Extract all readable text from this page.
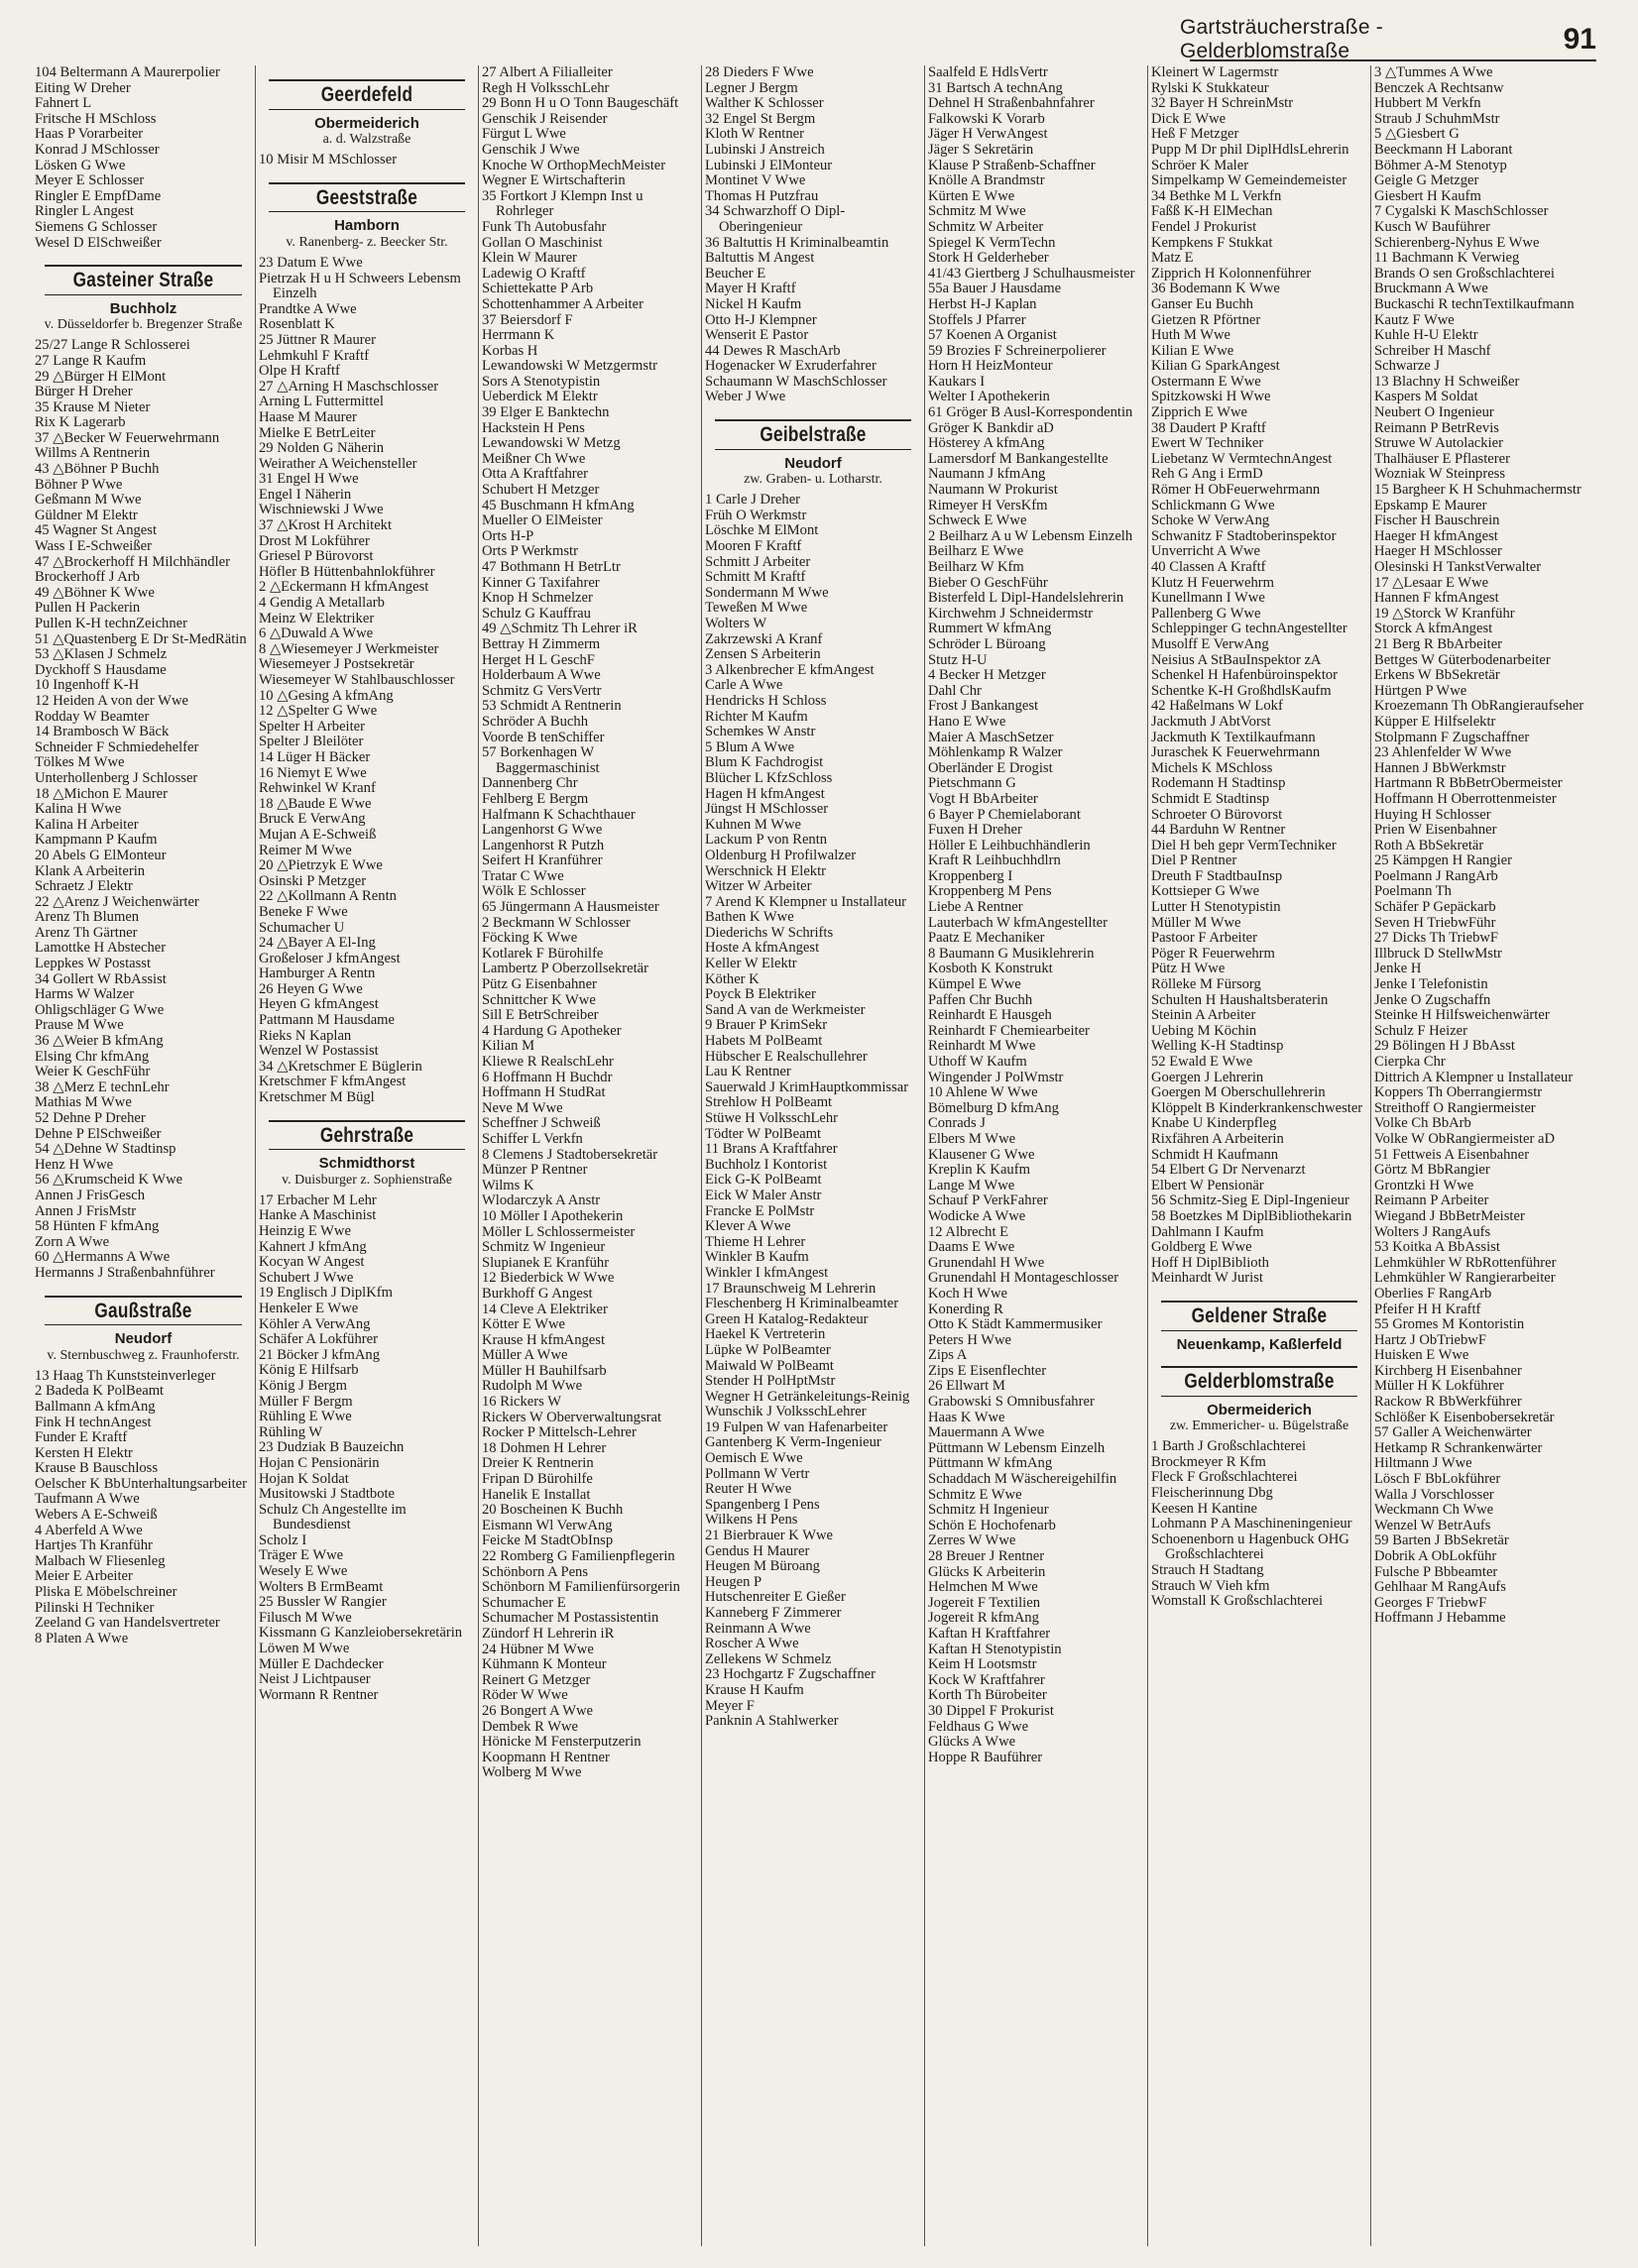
Gartsträucherstraße - Gelderblomstraße	91
104 Beltermann A Maurerpolier
Eiting W Dreher
Fahnert L
Fritsche H MSchloss
Haas P Vorarbeiter
Konrad J MSchlosser
Lösken G Wwe
Meyer E Schlosser
Ringler E EmpfDame
Ringler L Angest
Siemens G Schlosser
Wesel D ElSchweißer
Gasteiner Straße
Buchholz
v. Düsseldorfer b. Bregenzer Straße
25/27 Lange R Schlosserei
27 Lange R Kaufm
29 △Bürger H ElMont
Bürger H Dreher
35 Krause M Nieter
Rix K Lagerarb
37 △Becker W Feuerwehrmann
Willms A Rentnerin
43 △Böhner P Buchh
Böhner P Wwe
Geßmann M Wwe
Güldner M Elektr
45 Wagner St Angest
Wass I E-Schweißer
47 △Brockerhoff H Milchhändler
Brockerhoff J Arb
49 △Böhner K Wwe
Pullen H Packerin
Pullen K-H technZeichner
51 △Quastenberg E Dr St-MedRätin
53 △Klasen J Schmelz
Dyckhoff S Hausdame
10 Ingenhoff K-H
12 Heiden A von der Wwe
Rodday W Beamter
14 Brambosch W Bäck
Schneider F Schmiedehelfer
Tölkes M Wwe
Unterhollenberg J Schlosser
18 △Michon E Maurer
Kalina H Wwe
Kalina H Arbeiter
Kampmann P Kaufm
20 Abels G ElMonteur
Klank A Arbeiterin
Schraetz J Elektr
22 △Arenz J Weichenwärter
Arenz Th Blumen
Arenz Th Gärtner
Lamottke H Abstecher
Leppkes W Postasst
34 Gollert W RbAssist
Harms W Walzer
Ohligschläger G Wwe
Prause M Wwe
36 △Weier B kfmAng
Elsing Chr kfmAng
Weier K GeschFühr
38 △Merz E technLehr
Mathias M Wwe
52 Dehne P Dreher
Dehne P ElSchweißer
54 △Dehne W Stadtinsp
Henz H Wwe
56 △Krumscheid K Wwe
Annen J FrisGesch
Annen J FrisMstr
58 Hünten F kfmAng
Zorn A Wwe
60 △Hermanns A Wwe
Hermanns J Straßenbahnführer
Gaußstraße
Neudorf
v. Sternbuschweg z. Fraunhoferstr.
13 Haag Th Kunststeinverleger
2 Badeda K PolBeamt
Ballmann A kfmAng
Fink H technAngest
Funder E Kraftf
Kersten H Elektr
Krause B Bauschloss
Oelscher K BbUnterhaltungsarbeiter
Taufmann A Wwe
Webers A E-Schweiß
4 Aberfeld A Wwe
Hartjes Th Kranführ
Malbach W Fliesenleg
Meier E Arbeiter
Pliska E Möbelschreiner
Pilinski H Techniker
Zeeland G van Handelsvertreter
8 Platen A Wwe
Geerdefeld
Obermeiderich
a. d. Walzstraße
10 Misir M MSchlosser
Geeststraße
Hamborn
v. Ranenberg- z. Beecker Str.
23 Datum E Wwe
Pietrzak H u H Schweers Lebensm Einzelh
Prandtke A Wwe
Rosenblatt K
25 Jüttner R Maurer
Lehmkuhl F Kraftf
Olpe H Kraftf
27 △Arning H Maschschlosser
Arning L Futtermittel
Haase M Maurer
Mielke E BetrLeiter
29 Nolden G Näherin
Weirather A Weichensteller
31 Engel H Wwe
Engel I Näherin
Wischniewski J Wwe
37 △Krost H Architekt
Drost M Lokführer
Griesel P Bürovorst
Höfler B Hüttenbahnlokführer
2 △Eckermann H kfmAngest
4 Gendig A Metallarb
Meinz W Elektriker
6 △Duwald A Wwe
8 △Wiesemeyer J Werkmeister
Wiesemeyer J Postsekretär
Wiesemeyer W Stahlbauschlosser
10 △Gesing A kfmAng
12 △Spelter G Wwe
Spelter H Arbeiter
Spelter J Bleilöter
14 Lüger H Bäcker
16 Niemyt E Wwe
Rehwinkel W Kranf
18 △Baude E Wwe
Bruck E VerwAng
Mujan A E-Schweiß
Reimer M Wwe
20 △Pietrzyk E Wwe
Osinski P Metzger
22 △Kollmann A Rentn
Beneke F Wwe
Schumacher U
24 △Bayer A El-Ing
Großeloser J kfmAngest
Hamburger A Rentn
26 Heyen G Wwe
Heyen G kfmAngest
Pattmann M Hausdame
Rieks N Kaplan
Wenzel W Postassist
34 △Kretschmer E Büglerin
Kretschmer F kfmAngest
Kretschmer M Bügl
Gehrstraße
Schmidthorst
v. Duisburger z. Sophienstraße
17 Erbacher M Lehr
Hanke A Maschinist
Heinzig E Wwe
Kahnert J kfmAng
Kocyan W Angest
Schubert J Wwe
19 Englisch J DiplKfm
Henkeler E Wwe
Köhler A VerwAng
Schäfer A Lokführer
21 Böcker J kfmAng
König E Hilfsarb
König J Bergm
Müller F Bergm
Rühling E Wwe
Rühling W
23 Dudziak B Bauzeichn
Hojan C Pensionärin
Hojan K Soldat
Musitowski J Stadtbote
Schulz Ch Angestellte im Bundesdienst
Scholz I
Träger E Wwe
Wesely E Wwe
Wolters B ErmBeamt
25 Bussler W Rangier
Filusch M Wwe
Kissmann G Kanzleiobersekretärin
Löwen M Wwe
Müller E Dachdecker
Neist J Lichtpauser
Wormann R Rentner
27 Albert A Filialleiter
Regh H VolksschLehr
29 Bonn H u O Tonn Baugeschäft
Genschik J Reisender
Fürgut L Wwe
Genschik J Wwe
Knoche W OrthopMechMeister
Wegner E Wirtschafterin
35 Fortkort J Klempn Inst u Rohrleger
Funk Th Autobusfahr
Gollan O Maschinist
Klein W Maurer
Ladewig O Kraftf
Schiettekatte P Arb
Schottenhammer A Arbeiter
37 Beiersdorf F
Herrmann K
Korbas H
Lewandowski W Metzgermstr
Sors A Stenotypistin
Ueberdick M Elektr
39 Elger E Banktechn
Hackstein H Pens
Lewandowski W Metzg
Meißner Ch Wwe
Otta A Kraftfahrer
Schubert H Metzger
45 Buschmann H kfmAng
Mueller O ElMeister
Orts H-P
Orts P Werkmstr
47 Bothmann H BetrLtr
Kinner G Taxifahrer
Knop H Schmelzer
Schulz G Kauffrau
49 △Schmitz Th Lehrer iR
Bettray H Zimmerm
Herget H L GeschF
Holderbaum A Wwe
Schmitz G VersVertr
53 Schmidt A Rentnerin
Schröder A Buchh
Voorde B tenSchiffer
57 Borkenhagen W Baggermaschinist
Dannenberg Chr
Fehlberg E Bergm
Halfmann K Schachthauer
Langenhorst G Wwe
Langenhorst R Putzh
Seifert H Kranführer
Tratar C Wwe
Wölk E Schlosser
65 Jüngermann A Hausmeister
2 Beckmann W Schlosser
Föcking K Wwe
Kotlarek F Bürohilfe
Lambertz P Oberzollsekretär
Pütz G Eisenbahner
Schnittcher K Wwe
Sill E BetrSchreiber
4 Hardung G Apotheker
Kilian M
Kliewe R RealschLehr
6 Hoffmann H Buchdr
Hoffmann H StudRat
Neve M Wwe
Scheffner J Schweiß
Schiffer L Verkfn
8 Clemens J Stadtobersekretär
Münzer P Rentner
Wilms K
Wlodarczyk A Anstr
10 Möller I Apothekerin
Möller L Schlossermeister
Schmitz W Ingenieur
Slupianek E Kranführ
12 Biederbick W Wwe
Burkhoff G Angest
14 Cleve A Elektriker
Kötter E Wwe
Krause H kfmAngest
Müller A Wwe
Müller H Bauhilfsarb
Rudolph M Wwe
16 Rickers W
Rickers W Oberverwaltungsrat
Rocker P Mittelsch-Lehrer
18 Dohmen H Lehrer
Dreier K Rentnerin
Fripan D Bürohilfe
Hanelik E Installat
20 Boscheinen K Buchh
Eismann Wl VerwAng
Feicke M StadtObInsp
22 Romberg G Familienpflegerin
Schönborn A Pens
Schönborn M Familienfürsorgerin
Schumacher E
Schumacher M Postassistentin
Zündorf H Lehrerin iR
24 Hübner M Wwe
Kühmann K Monteur
Reinert G Metzger
Röder W Wwe
26 Bongert A Wwe
Dembek R Wwe
Hönicke M Fensterputzerin
Koopmann H Rentner
Wolberg M Wwe
28 Dieders F Wwe
Legner J Bergm
Walther K Schlosser
32 Engel St Bergm
Kloth W Rentner
Lubinski J Anstreich
Lubinski J ElMonteur
Montinet V Wwe
Thomas H Putzfrau
34 Schwarzhoff O Dipl-Oberingenieur
36 Baltuttis H Kriminalbeamtin
Baltuttis M Angest
Beucher E
Mayer H Kraftf
Nickel H Kaufm
Otto H-J Klempner
Wenserit E Pastor
44 Dewes R MaschArb
Hogenacker W Exruderfahrer
Schaumann W MaschSchlosser
Weber J Wwe
Geibelstraße
Neudorf
zw. Graben- u. Lotharstr.
1 Carle J Dreher
Früh O Werkmstr
Löschke M ElMont
Mooren F Kraftf
Schmitt J Arbeiter
Schmitt M Kraftf
Sondermann M Wwe
Teweßen M Wwe
Wolters W
Zakrzewski A Kranf
Zensen S Arbeiterin
3 Alkenbrecher E kfmAngest
Carle A Wwe
Hendricks H Schloss
Richter M Kaufm
Schemkes W Anstr
5 Blum A Wwe
Blum K Fachdrogist
Blücher L KfzSchloss
Hagen H kfmAngest
Jüngst H MSchlosser
Kuhnen M Wwe
Lackum P von Rentn
Oldenburg H Profilwalzer
Werschnick H Elektr
Witzer W Arbeiter
7 Arend K Klempner u Installateur
Bathen K Wwe
Diederichs W Schrifts
Hoste A kfmAngest
Keller W Elektr
Köther K
Poyck B Elektriker
Sand A van de Werkmeister
9 Brauer P KrimSekr
Habets M PolBeamt
Hübscher E Realschullehrer
Lau K Rentner
Sauerwald J KrimHauptkommissar
Strehlow H PolBeamt
Stüwe H VolksschLehr
Tödter W PolBeamt
11 Brans A Kraftfahrer
Buchholz I Kontorist
Eick G-K PolBeamt
Eick W Maler Anstr
Francke E PolMstr
Klever A Wwe
Thieme H Lehrer
Winkler B Kaufm
Winkler I kfmAngest
17 Braunschweig M Lehrerin
Fleschenberg H Kriminalbeamter
Green H Katalog-Redakteur
Haekel K Vertreterin
Lüpke W PolBeamter
Maiwald W PolBeamt
Stender H PolHptMstr
Wegner H Getränkeleitungs-Reinig
Wunschik J VolksschLehrer
19 Fulpen W van Hafenarbeiter
Gantenberg K Verm-Ingenieur
Oemisch E Wwe
Pollmann W Vertr
Reuter H Wwe
Spangenberg I Pens
Wilkens H Pens
21 Bierbrauer K Wwe
Gendus H Maurer
Heugen M Büroang
Heugen P
Hutschenreiter E Gießer
Kanneberg F Zimmerer
Reinmann A Wwe
Roscher A Wwe
Zellekens W Schmelz
23 Hochgartz F Zugschaffner
Krause H Kaufm
Meyer F
Panknin A Stahlwerker
Saalfeld E HdlsVertr
31 Bartsch A technAng
Dehnel H Straßenbahnfahrer
Falkowski K Vorarb
Jäger H VerwAngest
Jäger S Sekretärin
Klause P Straßenb-Schaffner
Knölle A Brandmstr
Kürten E Wwe
Schmitz M Wwe
Schmitz W Arbeiter
Spiegel K VermTechn
Stork H Gelderheber
41/43 Giertberg J Schulhausmeister
55a Bauer J Hausdame
Herbst H-J Kaplan
Stoffels J Pfarrer
57 Koenen A Organist
59 Brozies F Schreinerpolierer
Horn H HeizMonteur
Kaukars I
Welter I Apothekerin
61 Gröger B Ausl-Korrespondentin
Gröger K Bankdir aD
Hösterey A kfmAng
Lamersdorf M Bankangestellte
Naumann J kfmAng
Naumann W Prokurist
Rimeyer H VersKfm
Schweck E Wwe
2 Beilharz A u W Lebensm Einzelh
Beilharz E Wwe
Beilharz W Kfm
Bieber O GeschFühr
Bisterfeld L Dipl-Handelslehrerin
Kirchwehm J Schneidermstr
Rummert W kfmAng
Schröder L Büroang
Stutz H-U
4 Becker H Metzger
Dahl Chr
Frost J Bankangest
Hano E Wwe
Maier A MaschSetzer
Möhlenkamp R Walzer
Oberländer E Drogist
Pietschmann G
Vogt H BbArbeiter
6 Bayer P Chemielaborant
Fuxen H Dreher
Höller E Leihbuchhändlerin
Kraft R Leihbuchhdlrn
Kroppenberg I
Kroppenberg M Pens
Liebe A Rentner
Lauterbach W kfmAngestellter
Paatz E Mechaniker
8 Baumann G Musiklehrerin
Kosboth K Konstrukt
Kümpel E Wwe
Paffen Chr Buchh
Reinhardt E Hausgeh
Reinhardt F Chemiearbeiter
Reinhardt M Wwe
Uthoff W Kaufm
Wingender J PolWmstr
10 Ahlene W Wwe
Bömelburg D kfmAng
Conrads J
Elbers M Wwe
Klausener G Wwe
Kreplin K Kaufm
Lange M Wwe
Schauf P VerkFahrer
Wodicke A Wwe
12 Albrecht E
Daams E Wwe
Grunendahl H Wwe
Grunendahl H Montageschlosser
Koch H Wwe
Konerding R
Otto K Städt Kammermusiker
Peters H Wwe
Zips A
Zips E Eisenflechter
26 Ellwart M
Grabowski S Omnibusfahrer
Haas K Wwe
Mauermann A Wwe
Püttmann W Lebensm Einzelh
Püttmann W kfmAng
Schaddach M Wäschereigehilfin
Schmitz E Wwe
Schmitz H Ingenieur
Schön E Hochofenarb
Zerres W Wwe
28 Breuer J Rentner
Glücks K Arbeiterin
Helmchen M Wwe
Jogereit F Textilien
Jogereit R kfmAng
Kaftan H Kraftfahrer
Kaftan H Stenotypistin
Keim H Lootsmstr
Kock W Kraftfahrer
Korth Th Bürobeiter
30 Dippel F Prokurist
Feldhaus G Wwe
Glücks A Wwe
Hoppe R Bauführer
Kleinert W Lagermstr
Rylski K Stukkateur
32 Bayer H SchreinMstr
Dick E Wwe
Heß F Metzger
Pupp M Dr phil DiplHdlsLehrerin
Schröer K Maler
Simpelkamp W Gemeindemeister
34 Bethke M L Verkfn
Faßß K-H ElMechan
Fendel J Prokurist
Kempkens F Stukkat
Matz E
Zipprich H Kolonnenführer
36 Bodemann K Wwe
Ganser Eu Buchh
Gietzen R Pförtner
Huth M Wwe
Kilian E Wwe
Kilian G SparkAngest
Ostermann E Wwe
Spitzkowski H Wwe
Zipprich E Wwe
38 Daudert P Kraftf
Ewert W Techniker
Liebetanz W VermtechnAngest
Reh G Ang i ErmD
Römer H ObFeuerwehrmann
Schlickmann G Wwe
Schoke W VerwAng
Schwanitz F Stadtoberinspektor
Unverricht A Wwe
40 Classen A Kraftf
Klutz H Feuerwehrm
Kunellmann I Wwe
Pallenberg G Wwe
Schleppinger G technAngestellter
Musolff E VerwAng
Neisius A StBauInspektor zA
Schenkel H Hafenbüroinspektor
Schentke K-H GroßhdlsKaufm
42 Haßelmans W Lokf
Jackmuth J AbtVorst
Jackmuth K Textilkaufmann
Juraschek K Feuerwehrmann
Michels K MSchloss
Rodemann H Stadtinsp
Schmidt E Stadtinsp
Schroeter O Bürovorst
44 Barduhn W Rentner
Diel H beh gepr VermTechniker
Diel P Rentner
Dreuth F StadtbauInsp
Kottsieper G Wwe
Lutter H Stenotypistin
Müller M Wwe
Pastoor F Arbeiter
Pöger R Feuerwehrm
Pütz H Wwe
Rölleke M Fürsorg
Schulten H Haushaltsberaterin
Steinin A Arbeiter
Uebing M Köchin
Welling K-H Stadtinsp
52 Ewald E Wwe
Goergen J Lehrerin
Goergen M Oberschullehrerin
Klöppelt B Kinderkrankenschwester
Knabe U Kinderpfleg
Rixfähren A Arbeiterin
Schmidt H Kaufmann
54 Elbert G Dr Nervenarzt
Elbert W Pensionär
56 Schmitz-Sieg E Dipl-Ingenieur
58 Boetzkes M DiplBibliothekarin
Dahlmann I Kaufm
Goldberg E Wwe
Hoff H DiplBiblioth
Meinhardt W Jurist
Geldener Straße
Neuenkamp, Kaßlerfeld
Gelderblomstraße
Obermeiderich
zw. Emmericher- u. Bügelstraße
1 Barth J Großschlachterei
Brockmeyer R Kfm
Fleck F Großschlachterei
Fleischerinnung Dbg
Keesen H Kantine
Lohmann P A Maschineningenieur
Schoenenborn u Hagenbuck OHG Großschlachterei
Strauch H Stadtang
Strauch W Vieh kfm
Womstall K Großschlachterei
3 △Tummes A Wwe
Benczek A Rechtsanw
Hubbert M Verkfn
Straub J SchuhmMstr
5 △Giesbert G
Beeckmann H Laborant
Böhmer A-M Stenotyp
Geigle G Metzger
Giesbert H Kaufm
7 Cygalski K MaschSchlosser
Kusch W Bauführer
Schierenberg-Nyhus E Wwe
11 Bachmann K Verwieg
Brands O sen Großschlachterei
Bruckmann A Wwe
Buckaschi R technTextilkaufmann
Kautz F Wwe
Kuhle H-U Elektr
Schreiber H Maschf
Schwarze J
13 Blachny H Schweißer
Kaspers M Soldat
Neubert O Ingenieur
Reimann P BetrRevis
Struwe W Autolackier
Thalhäuser E Pflasterer
Wozniak W Steinpress
15 Bargheer K H Schuhmachermstr
Epskamp E Maurer
Fischer H Bauschrein
Haeger H kfmAngest
Haeger H MSchlosser
Olesinski H TankstVerwalter
17 △Lesaar E Wwe
Hannen F kfmAngest
19 △Storck W Kranführ
Storck A kfmAngest
21 Berg R BbArbeiter
Bettges W Güterbodenarbeiter
Erkens W BbSekretär
Hürtgen P Wwe
Kroezemann Th ObRangieraufseher
Küpper E Hilfselektr
Stolpmann F Zugschaffner
23 Ahlenfelder W Wwe
Hannen J BbWerkmstr
Hartmann R BbBetrObermeister
Hoffmann H Oberrottenmeister
Huying H Schlosser
Prien W Eisenbahner
Roth A BbSekretär
25 Kämpgen H Rangier
Poelmann J RangArb
Poelmann Th
Schäfer P Gepäckarb
Seven H TriebwFühr
27 Dicks Th TriebwF
Illbruck D StellwMstr
Jenke H
Jenke I Telefonistin
Jenke O Zugschaffn
Steinke H Hilfsweichenwärter
Schulz F Heizer
29 Bölingen H J BbAsst
Cierpka Chr
Dittrich A Klempner u Installateur
Koppers Th Oberrangiermstr
Streithoff O Rangiermeister
Volke Ch BbArb
Volke W ObRangiermeister aD
51 Fettweis A Eisenbahner
Görtz M BbRangier
Grontzki H Wwe
Reimann P Arbeiter
Wiegand J BbBetrMeister
Wolters J RangAufs
53 Koitka A BbAssist
Lehmkühler W RbRottenführer
Lehmkühler W Rangierarbeiter
Oberlies F RangArb
Pfeifer H H Kraftf
55 Gromes M Kontoristin
Hartz J ObTriebwF
Huisken E Wwe
Kirchberg H Eisenbahner
Müller H K Lokführer
Rackow R BbWerkführer
Schlößer K Eisenbobersekretär
57 Galler A Weichenwärter
Hetkamp R Schrankenwärter
Hiltmann J Wwe
Lösch F BbLokführer
Walla J Vorschlosser
Weckmann Ch Wwe
Wenzel W BetrAufs
59 Barten J BbSekretär
Dobrik A ObLokführ
Fulsche P Bbbeamter
Gehlhaar M RangAufs
Georges F TriebwF
Hoffmann J Hebamme
